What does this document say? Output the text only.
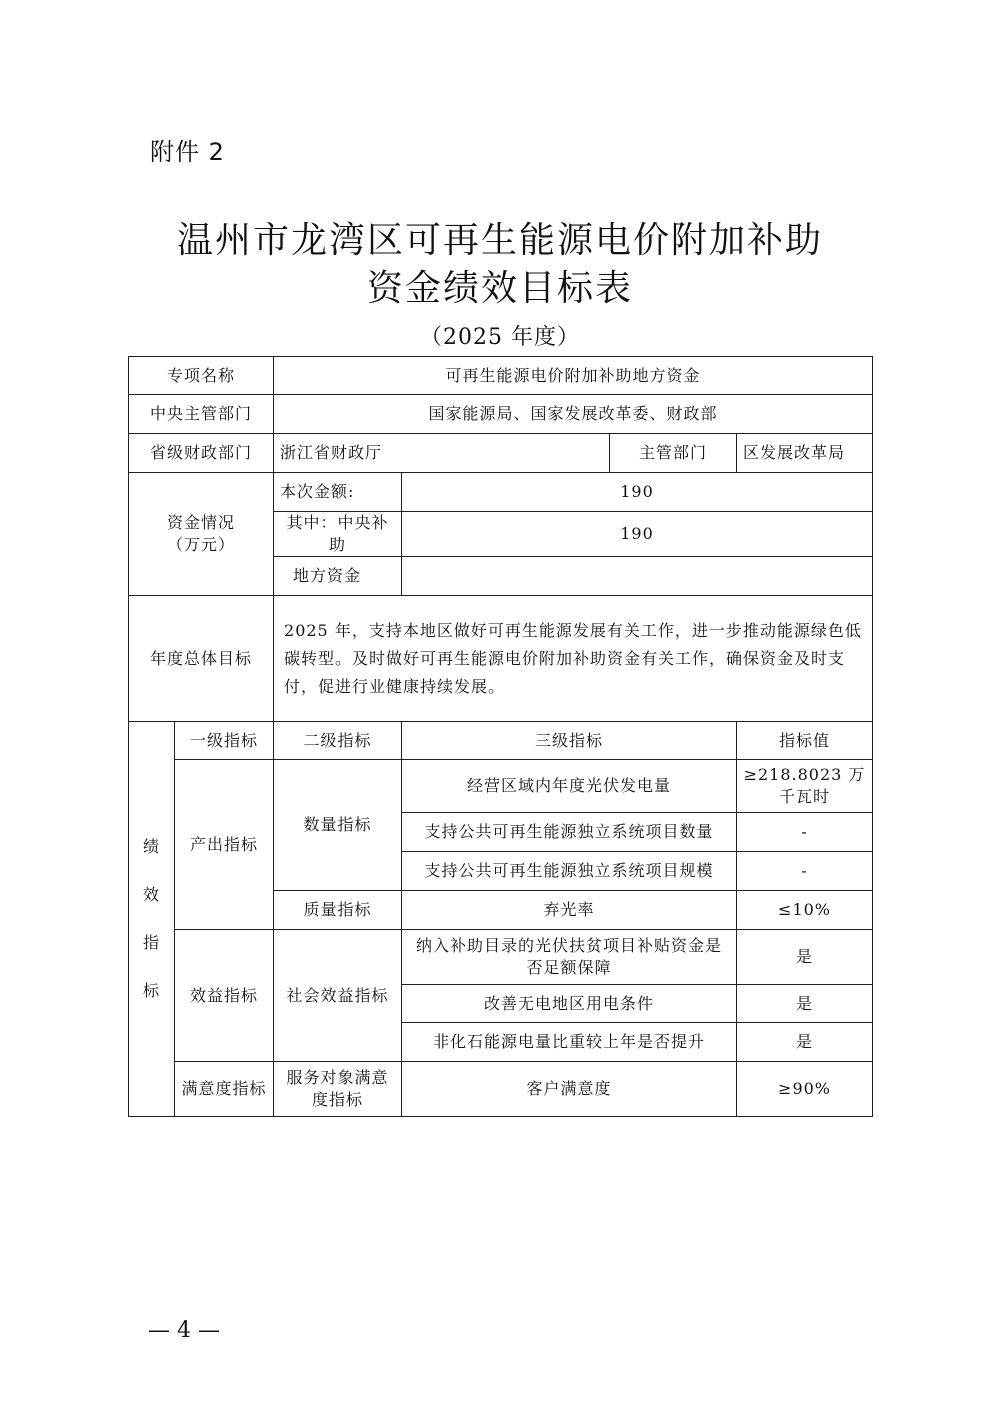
附件 2
温州市龙湾区可再生能源电价附加补助
资金绩效目标表
（2025 年度）
专项名称		可再生能源电价附加补助地方资金			
中央主管部门		国家能源局、国家发展改革委、财政部			
省级财政部门		浙江省财政厅		主管部门	区发展改革局

资金情况
（万元）		本次金额:	190		
		其中：中央补助	190		
		地方资金			
年度总体目标		2025 年，支持本地区做好可再生能源发展有关工作，进一步推动能源绿色低碳转型。及时做好可再生能源电价附加补助资金有关工作，确保资金及时支付，促进行业健康持续发展。			
绩效指标	一级指标	二级指标	三级指标		指标值
	产出指标	数量指标	经营区域内年度光伏发电量		≥218.8023 万千瓦时
			支持公共可再生能源独立系统项目数量		-
			支持公共可再生能源独立系统项目规模		-
		质量指标	弃光率		≤10%
	效益指标	社会效益指标	纳入补助目录的光伏扶贫项目补贴资金是否足额保障		是
			改善无电地区用电条件		是
			非化石能源电量比重较上年是否提升		是
	满意度指标	服务对象满意度指标	客户满意度		≥90%
— 4 —
